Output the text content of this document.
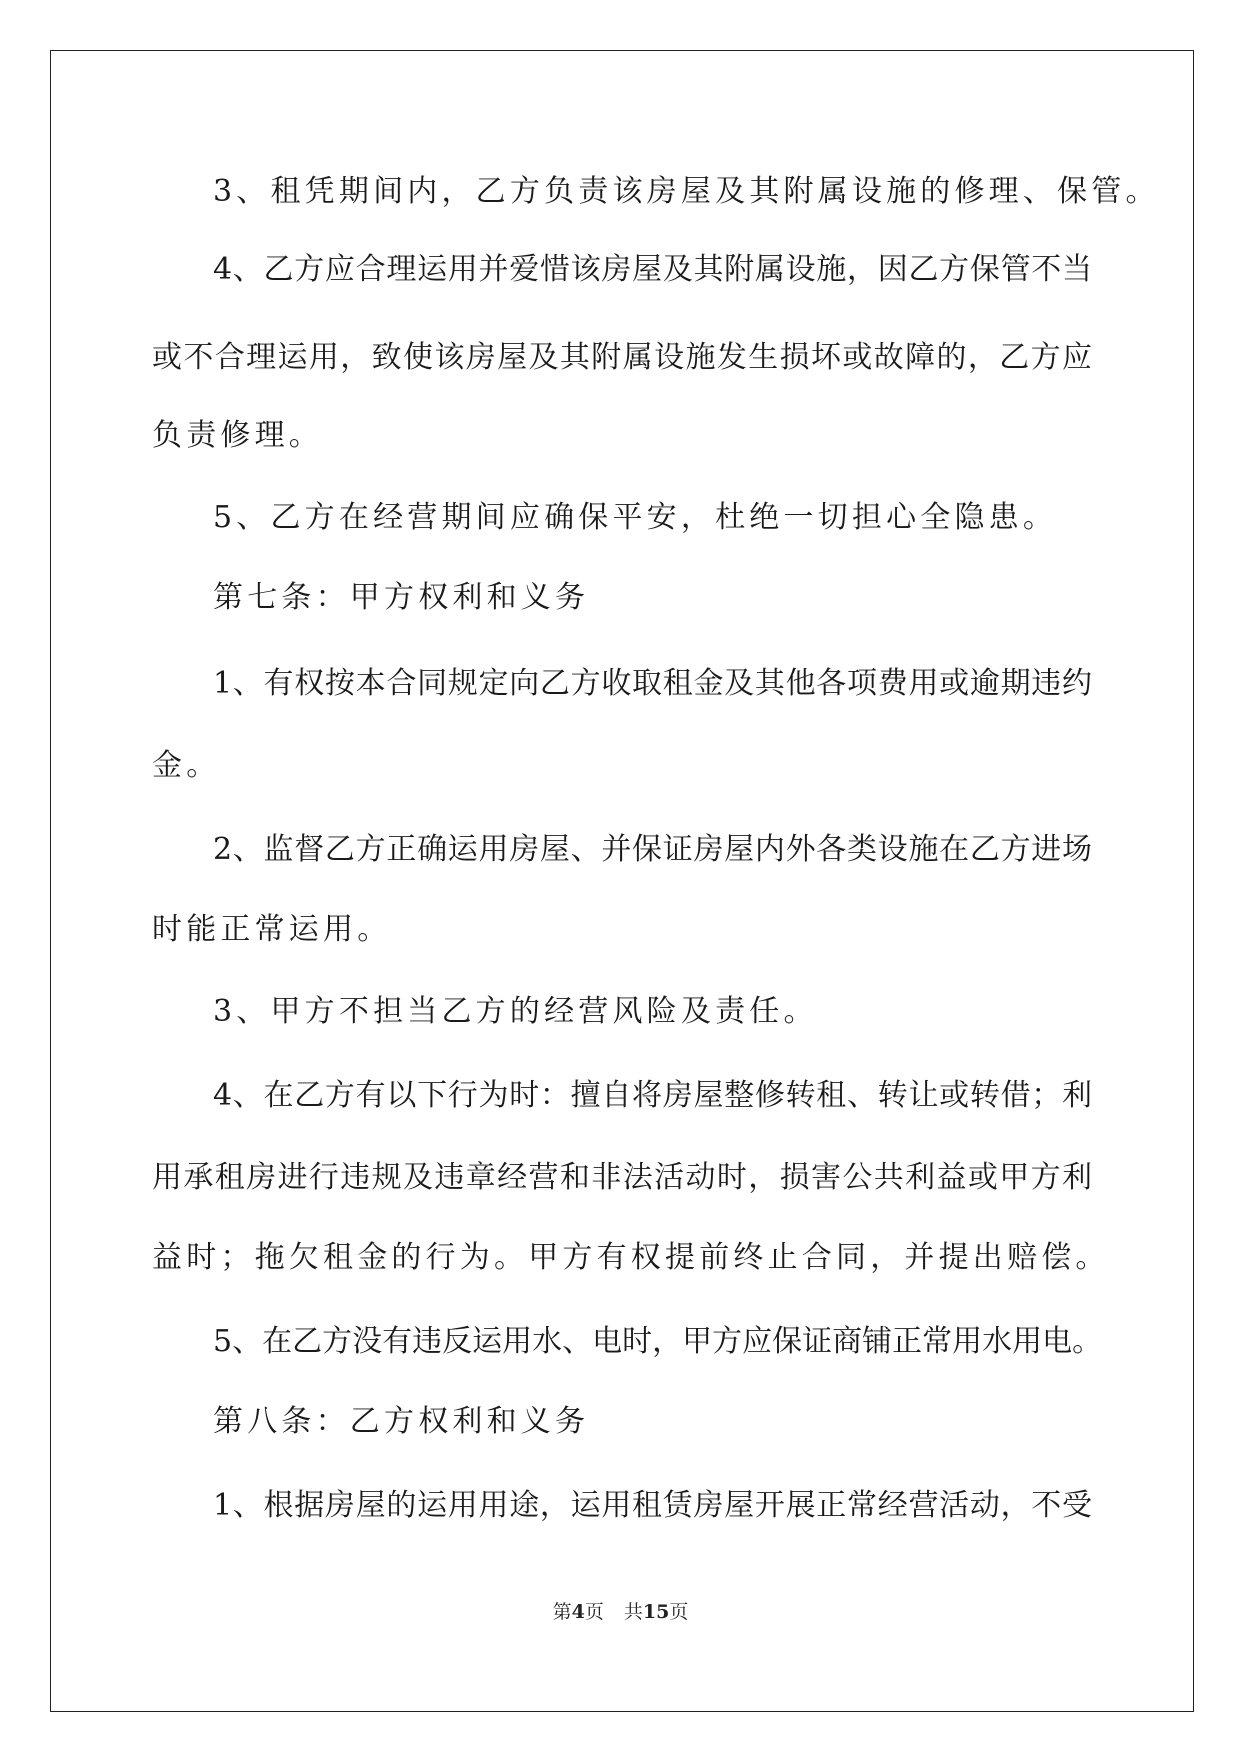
3、租凭期间内，乙方负责该房屋及其附属设施的修理、保管。
4、乙方应合理运用并爱惜该房屋及其附属设施，因乙方保管不当
或不合理运用，致使该房屋及其附属设施发生损坏或故障的，乙方应
负责修理。
5、乙方在经营期间应确保平安，杜绝一切担心全隐患。
第七条：甲方权利和义务
1、有权按本合同规定向乙方收取租金及其他各项费用或逾期违约
金。
2、监督乙方正确运用房屋、并保证房屋内外各类设施在乙方进场
时能正常运用。
3、甲方不担当乙方的经营风险及责任。
4、在乙方有以下行为时：擅自将房屋整修转租、转让或转借；利
用承租房进行违规及违章经营和非法活动时，损害公共利益或甲方利
益时；拖欠租金的行为。甲方有权提前终止合同，并提出赔偿。
5、在乙方没有违反运用水、电时，甲方应保证商铺正常用水用电。
第八条：乙方权利和义务
1、根据房屋的运用用途，运用租赁房屋开展正常经营活动，不受
第4页 共15页
